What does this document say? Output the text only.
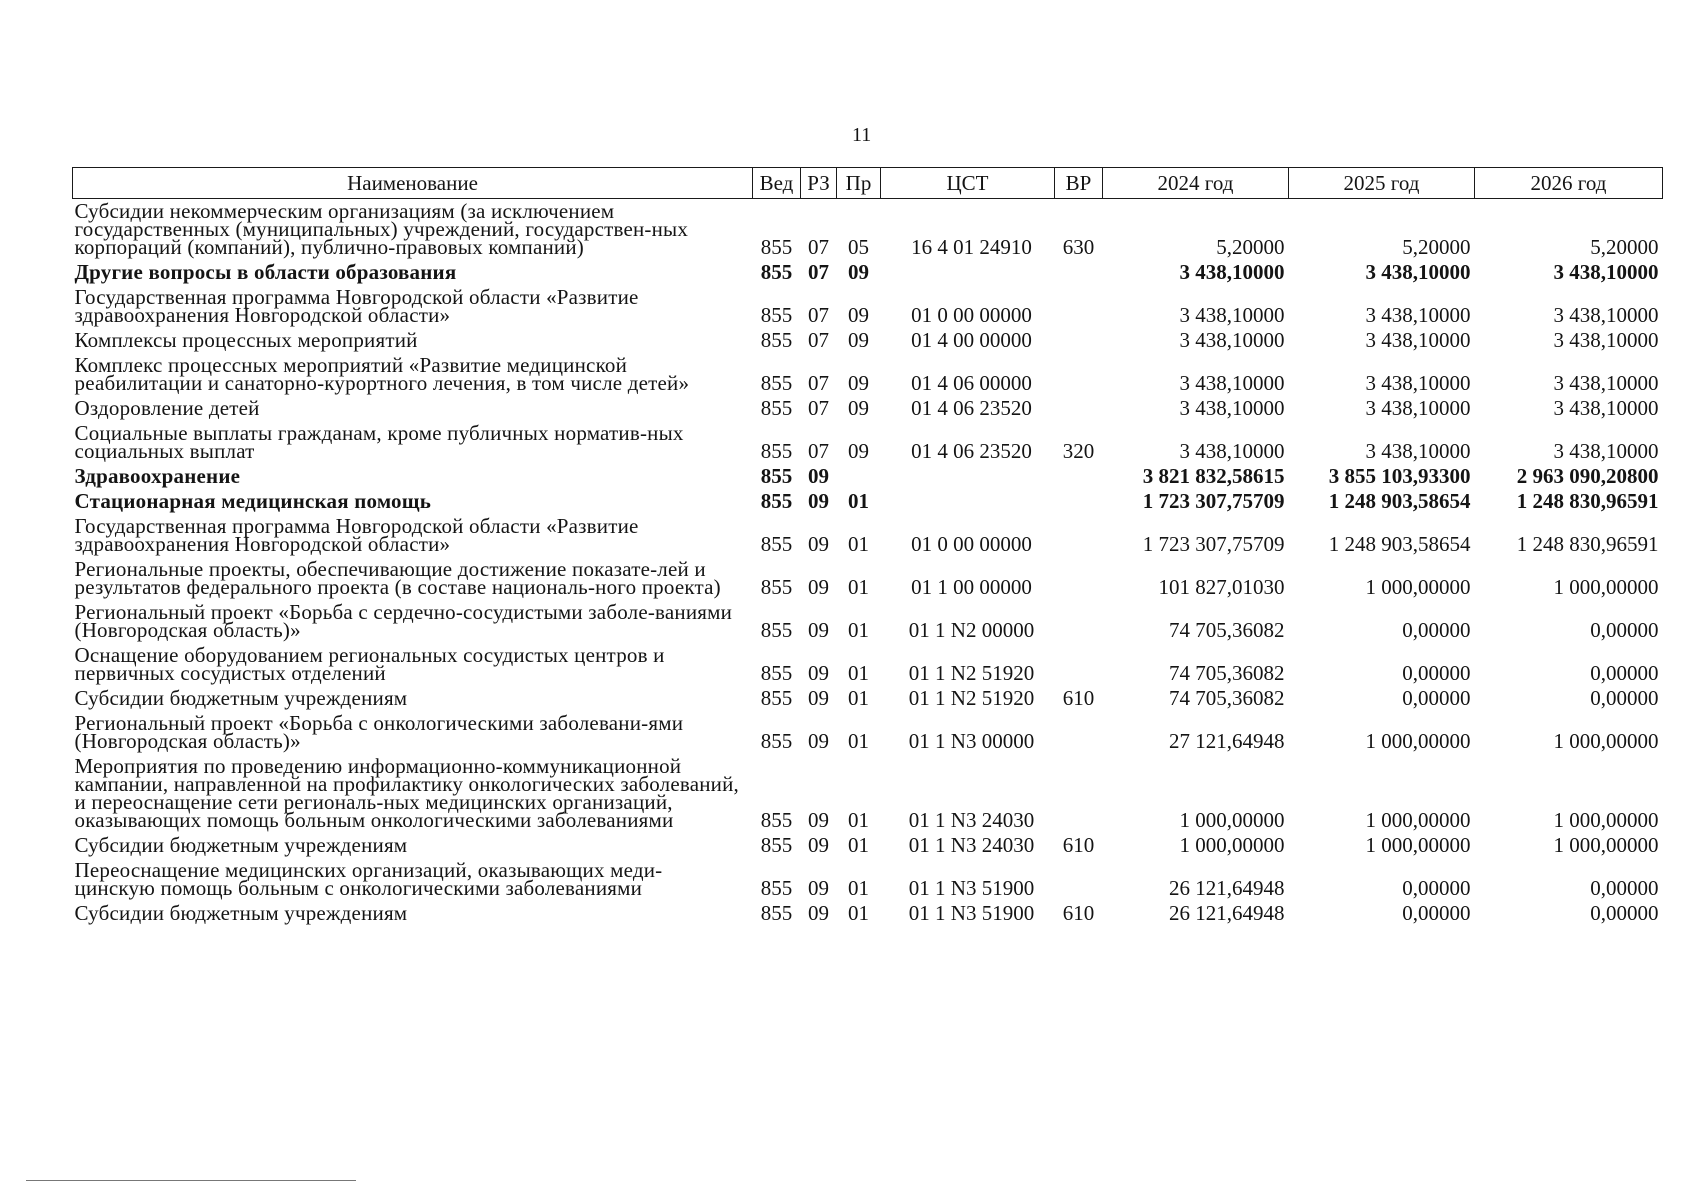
11
Наименование	Вед	РЗ	Пр	ЦСТ	ВР	2024 год	2025 год	2026 год
Субсидии некоммерческим организациям (за исключением государственных (муниципальных) учреждений, государствен-ных корпораций (компаний), публично-правовых компаний)	855	07	05	16 4 01 24910	630	5,20000	5,20000	5,20000
Другие вопросы в области образования	855	07	09			3 438,10000	3 438,10000	3 438,10000
Государственная программа Новгородской области «Развитие здравоохранения Новгородской области»	855	07	09	01 0 00 00000		3 438,10000	3 438,10000	3 438,10000
Комплексы процессных мероприятий	855	07	09	01 4 00 00000		3 438,10000	3 438,10000	3 438,10000
Комплекс процессных мероприятий «Развитие медицинской реабилитации и санаторно-курортного лечения, в том числе детей»	855	07	09	01 4 06 00000		3 438,10000	3 438,10000	3 438,10000
Оздоровление детей	855	07	09	01 4 06 23520		3 438,10000	3 438,10000	3 438,10000
Социальные выплаты гражданам, кроме публичных норматив-ных социальных выплат	855	07	09	01 4 06 23520	320	3 438,10000	3 438,10000	3 438,10000
Здравоохранение	855	09				3 821 832,58615	3 855 103,93300	2 963 090,20800
Стационарная медицинская помощь	855	09	01			1 723 307,75709	1 248 903,58654	1 248 830,96591
Государственная программа Новгородской области «Развитие здравоохранения Новгородской области»	855	09	01	01 0 00 00000		1 723 307,75709	1 248 903,58654	1 248 830,96591
Региональные проекты, обеспечивающие достижение показате-лей и результатов федерального проекта (в составе националь-ного проекта)	855	09	01	01 1 00 00000		101 827,01030	1 000,00000	1 000,00000
Региональный проект «Борьба с сердечно-сосудистыми заболе-ваниями (Новгородская область)»	855	09	01	01 1 N2 00000		74 705,36082	0,00000	0,00000
Оснащение оборудованием региональных сосудистых центров и первичных сосудистых отделений	855	09	01	01 1 N2 51920		74 705,36082	0,00000	0,00000
Субсидии бюджетным учреждениям	855	09	01	01 1 N2 51920	610	74 705,36082	0,00000	0,00000
Региональный проект «Борьба с онкологическими заболевани-ями (Новгородская область)»	855	09	01	01 1 N3 00000		27 121,64948	1 000,00000	1 000,00000
Мероприятия по проведению информационно-коммуникационной кампании, направленной на профилактику онкологических заболеваний, и переоснащение сети региональ-ных медицинских организаций, оказывающих помощь больным онкологическими заболеваниями	855	09	01	01 1 N3 24030		1 000,00000	1 000,00000	1 000,00000
Субсидии бюджетным учреждениям	855	09	01	01 1 N3 24030	610	1 000,00000	1 000,00000	1 000,00000
Переоснащение медицинских организаций, оказывающих меди-цинскую помощь больным с онкологическими заболеваниями	855	09	01	01 1 N3 51900		26 121,64948	0,00000	0,00000
Субсидии бюджетным учреждениям	855	09	01	01 1 N3 51900	610	26 121,64948	0,00000	0,00000
